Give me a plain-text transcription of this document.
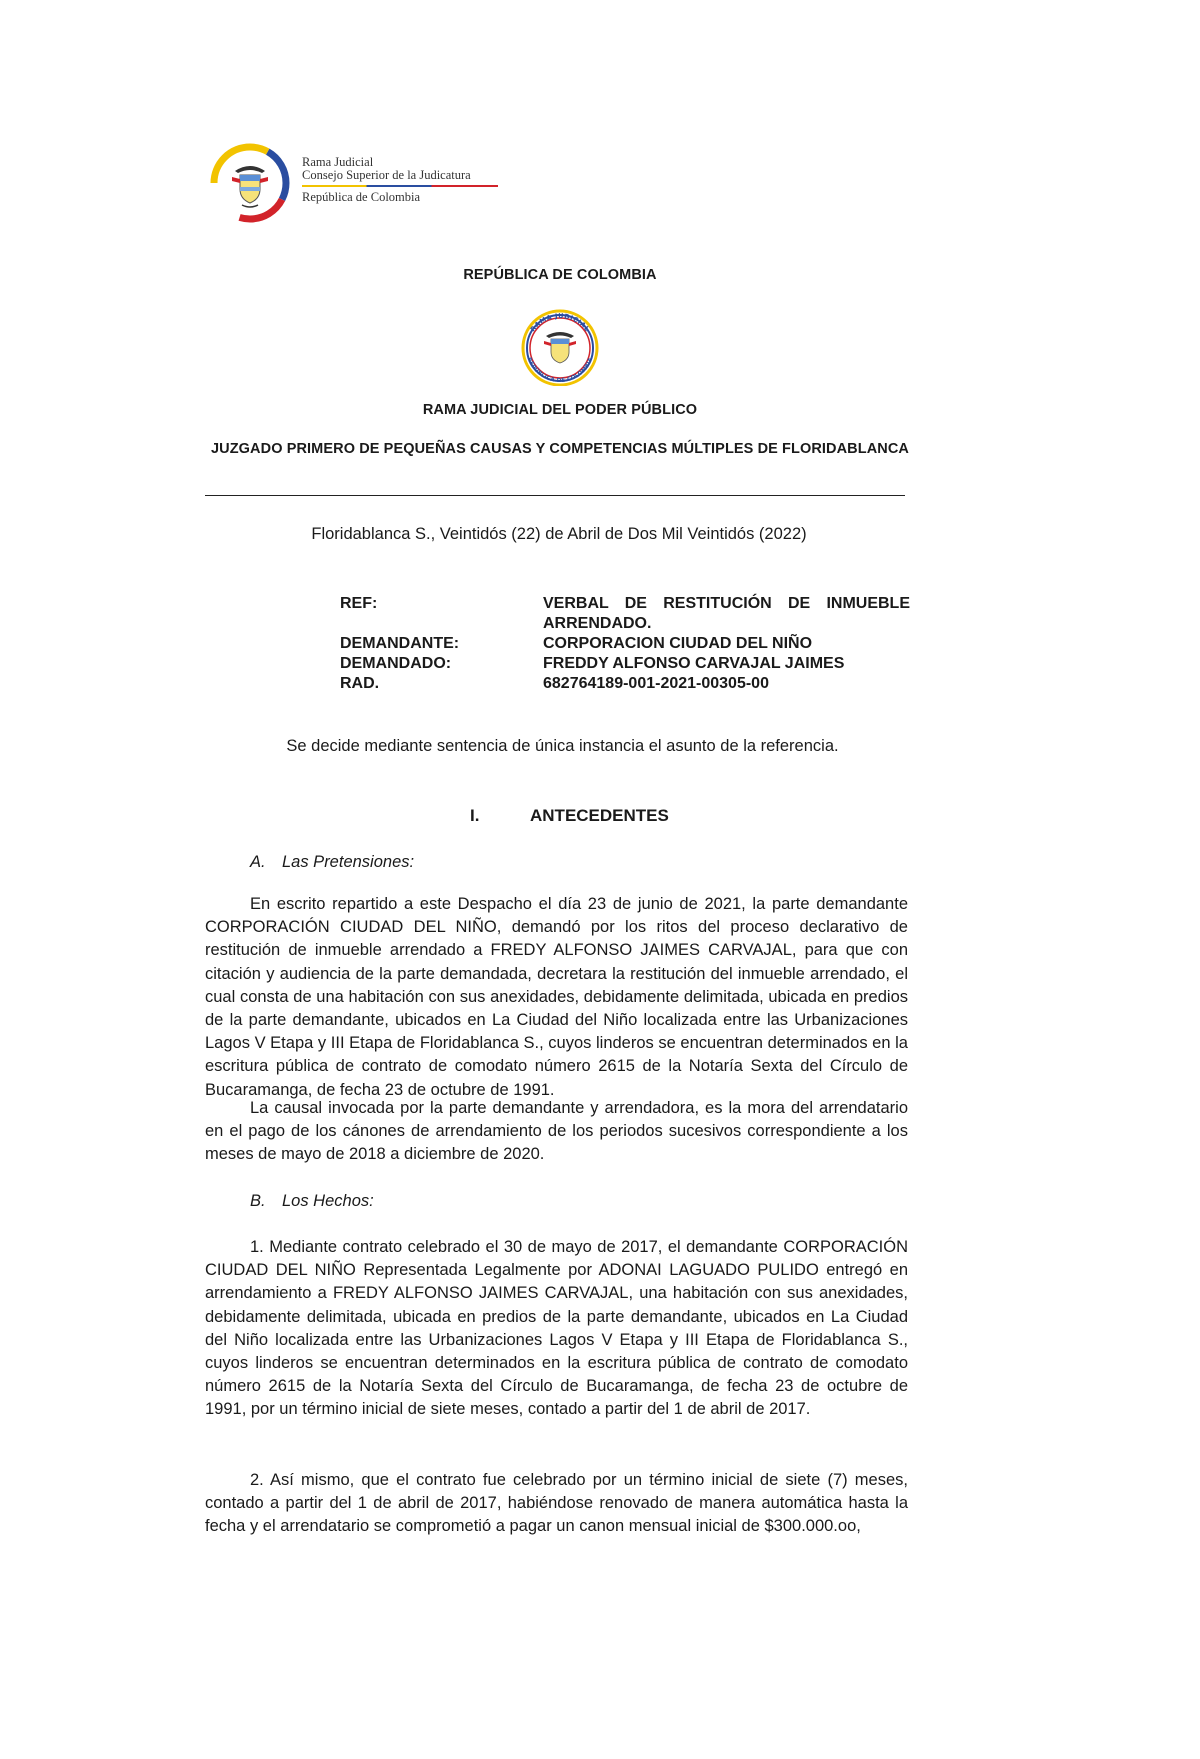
Rama Judicial
Consejo Superior de la Judicatura
República de Colombia
REPÚBLICA DE COLOMBIA
RAMA JUDICIAL
REPÚBLICA DE COLOMBIA
RAMA JUDICIAL DEL PODER PÚBLICO
JUZGADO PRIMERO DE PEQUEÑAS CAUSAS Y COMPETENCIAS MÚLTIPLES DE FLORIDABLANCA
Floridablanca S., Veintidós (22) de Abril de Dos Mil Veintidós (2022)
REF:	VERBAL DE RESTITUCIÓN DE INMUEBLE ARRENDADO.
DEMANDANTE:	CORPORACION CIUDAD DEL NIÑO
DEMANDADO:	FREDDY ALFONSO CARVAJAL JAIMES
RAD.	682764189-001-2021-00305-00
Se decide mediante sentencia de única instancia el asunto de la referencia.
I.	ANTECEDENTES
A. Las Pretensiones:
En escrito repartido a este Despacho el día 23 de junio de 2021, la parte demandante CORPORACIÓN CIUDAD DEL NIÑO, demandó por los ritos del proceso declarativo de restitución de inmueble arrendado a FREDY ALFONSO JAIMES CARVAJAL, para que con citación y audiencia de la parte demandada, decretara la restitución del inmueble arrendado, el cual consta de una habitación con sus anexidades, debidamente delimitada, ubicada en predios de la parte demandante, ubicados en La Ciudad del Niño localizada entre las Urbanizaciones Lagos V Etapa y III Etapa de Floridablanca S., cuyos linderos se encuentran determinados en la escritura pública de contrato de comodato número 2615 de la Notaría Sexta del Círculo de Bucaramanga, de fecha 23 de octubre de 1991.
La causal invocada por la parte demandante y arrendadora, es la mora del arrendatario en el pago de los cánones de arrendamiento de los periodos sucesivos correspondiente a los meses de mayo de 2018 a diciembre de 2020.
B. Los Hechos:
1. Mediante contrato celebrado el 30 de mayo de 2017, el demandante CORPORACIÓN CIUDAD DEL NIÑO Representada Legalmente por ADONAI LAGUADO PULIDO entregó en arrendamiento a FREDY ALFONSO JAIMES CARVAJAL, una habitación con sus anexidades, debidamente delimitada, ubicada en predios de la parte demandante, ubicados en La Ciudad del Niño localizada entre las Urbanizaciones Lagos V Etapa y III Etapa de Floridablanca S., cuyos linderos se encuentran determinados en la escritura pública de contrato de comodato número 2615 de la Notaría Sexta del Círculo de Bucaramanga, de fecha 23 de octubre de 1991, por un término inicial de siete meses, contado a partir del 1 de abril de 2017.
2. Así mismo, que el contrato fue celebrado por un término inicial de siete (7) meses, contado a partir del 1 de abril de 2017, habiéndose renovado de manera automática hasta la fecha y el arrendatario se comprometió a pagar un canon mensual inicial de $300.000.oo,
